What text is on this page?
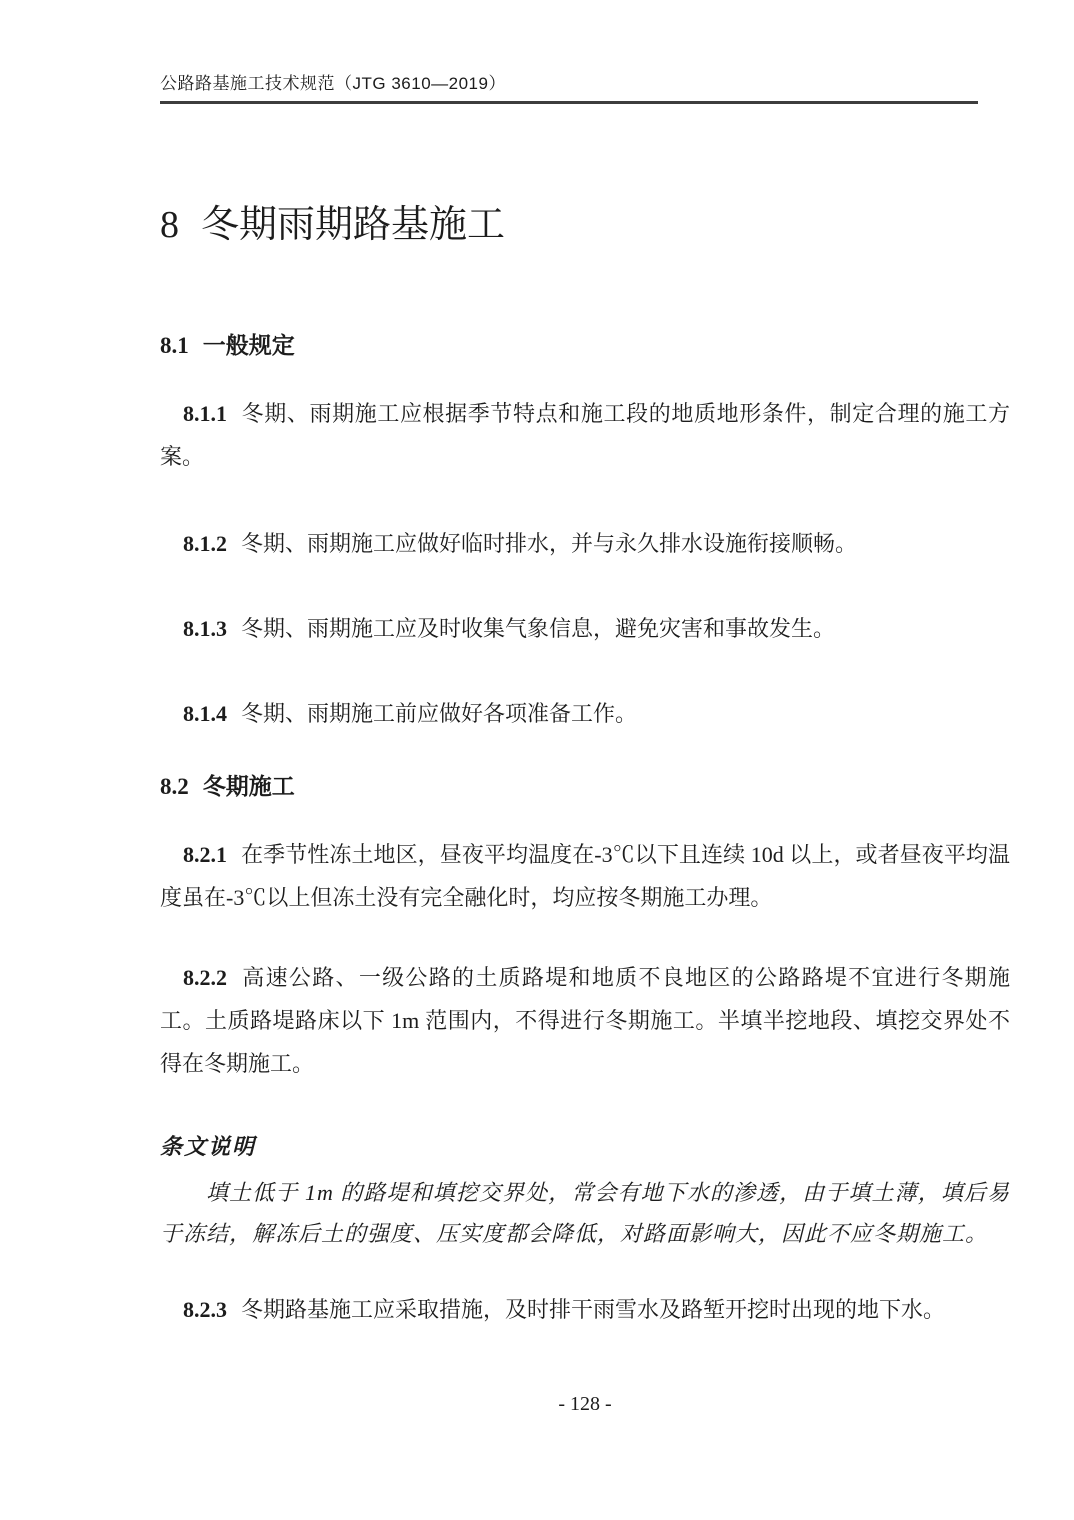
公路路基施工技术规范（JTG 3610—2019）
8 冬期雨期路基施工
8.1 一般规定

8.1.1 冬期、雨期施工应根据季节特点和施工段的地质地形条件，制定合理的施工方案。

8.1.2 冬期、雨期施工应做好临时排水，并与永久排水设施衔接顺畅。

8.1.3 冬期、雨期施工应及时收集气象信息，避免灾害和事故发生。

8.1.4 冬期、雨期施工前应做好各项准备工作。

8.2 冬期施工

8.2.1 在季节性冻土地区，昼夜平均温度在-3℃以下且连续 10d 以上，或者昼夜平均温度虽在-3℃以上但冻土没有完全融化时，均应按冬期施工办理。

8.2.2 高速公路、一级公路的土质路堤和地质不良地区的公路路堤不宜进行冬期施工。土质路堤路床以下 1m 范围内，不得进行冬期施工。半填半挖地段、填挖交界处不得在冬期施工。

条文说明

填土低于 1m 的路堤和填挖交界处，常会有地下水的渗透，由于填土薄，填后易于冻结，解冻后土的强度、压实度都会降低，对路面影响大，因此不应冬期施工。

8.2.3 冬期路基施工应采取措施，及时排干雨雪水及路堑开挖时出现的地下水。

- 128 -
